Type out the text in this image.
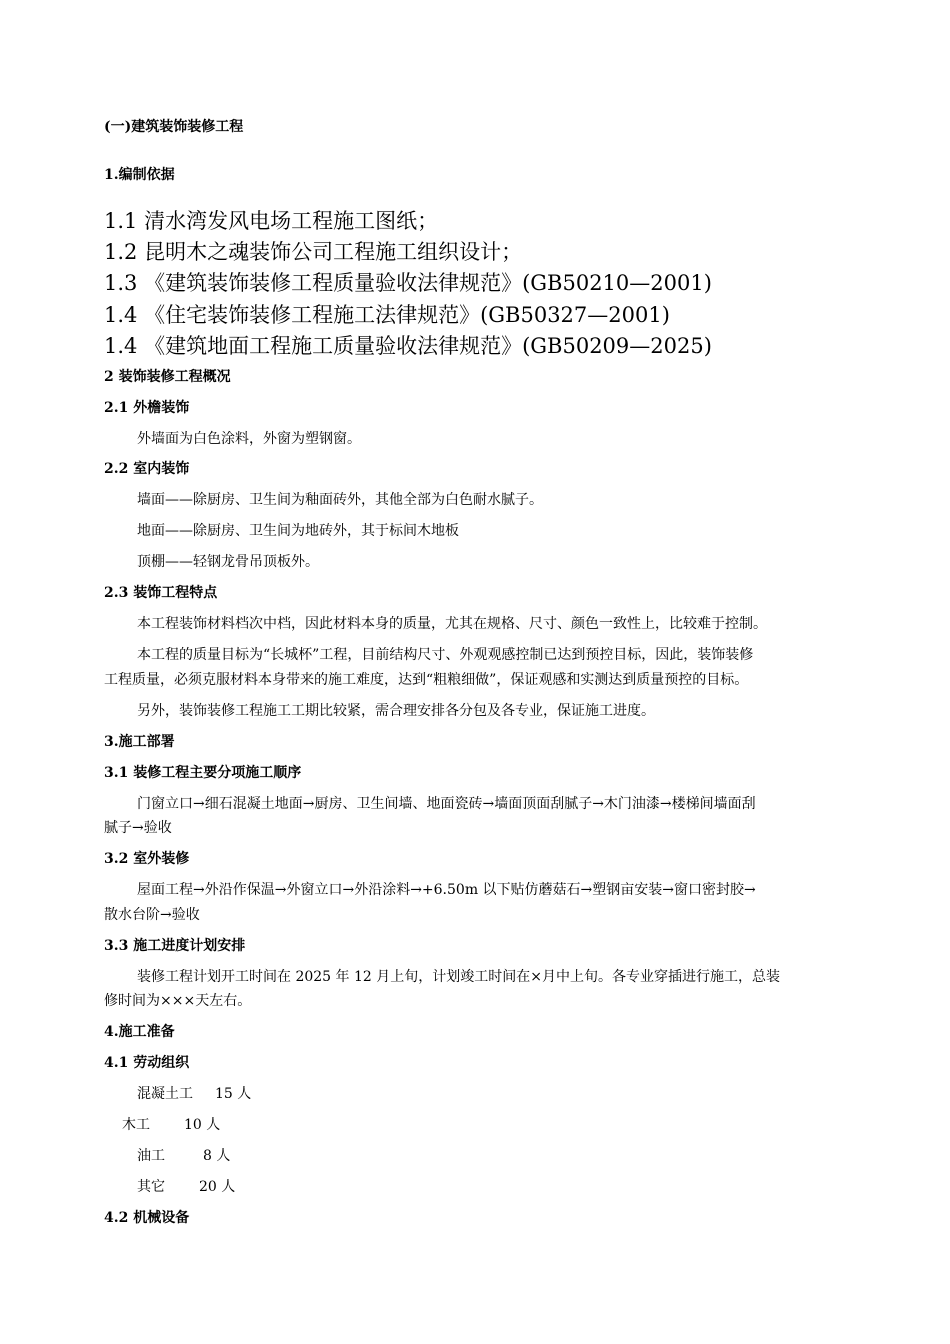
(一)建筑装饰装修工程
1.编制依据
1.1 清水湾发风电场工程施工图纸；
1.2 昆明木之魂装饰公司工程施工组织设计；
1.3 《建筑装饰装修工程质量验收法律规范》(GB50210—2001)
1.4 《住宅装饰装修工程施工法律规范》(GB50327—2001)
1.4 《建筑地面工程施工质量验收法律规范》(GB50209—2025)
2 装饰装修工程概况
2.1 外檐装饰
外墙面为白色涂料，外窗为塑钢窗。
2.2 室内装饰
墙面——除厨房、卫生间为釉面砖外，其他全部为白色耐水腻子。
地面——除厨房、卫生间为地砖外，其于标间木地板
顶棚——轻钢龙骨吊顶板外。
2.3 装饰工程特点
本工程装饰材料档次中档，因此材料本身的质量，尤其在规格、尺寸、颜色一致性上，比较难于控制。
本工程的质量目标为“长城杯”工程，目前结构尺寸、外观观感控制已达到预控目标，因此，装饰装修
工程质量，必须克服材料本身带来的施工难度，达到“粗粮细做”，保证观感和实测达到质量预控的目标。
另外，装饰装修工程施工工期比较紧，需合理安排各分包及各专业，保证施工进度。
3.施工部署
3.1 装修工程主要分项施工顺序
门窗立口→细石混凝土地面→厨房、卫生间墙、地面瓷砖→墙面顶面刮腻子→木门油漆→楼梯间墙面刮
腻子→验收
3.2 室外装修
屋面工程→外沿作保温→外窗立口→外沿涂料→+6.50m 以下贴仿蘑菇石→塑钢亩安装→窗口密封胶→
散水台阶→验收
3.3 施工进度计划安排
装修工程计划开工时间在 2025 年 12 月上旬，计划竣工时间在×月中上旬。各专业穿插进行施工，总装
修时间为×××天左右。
4.施工准备
4.1 劳动组织
混凝土工 15 人
木工 10 人
油工	8 人
其它 20 人
4.2 机械设备
